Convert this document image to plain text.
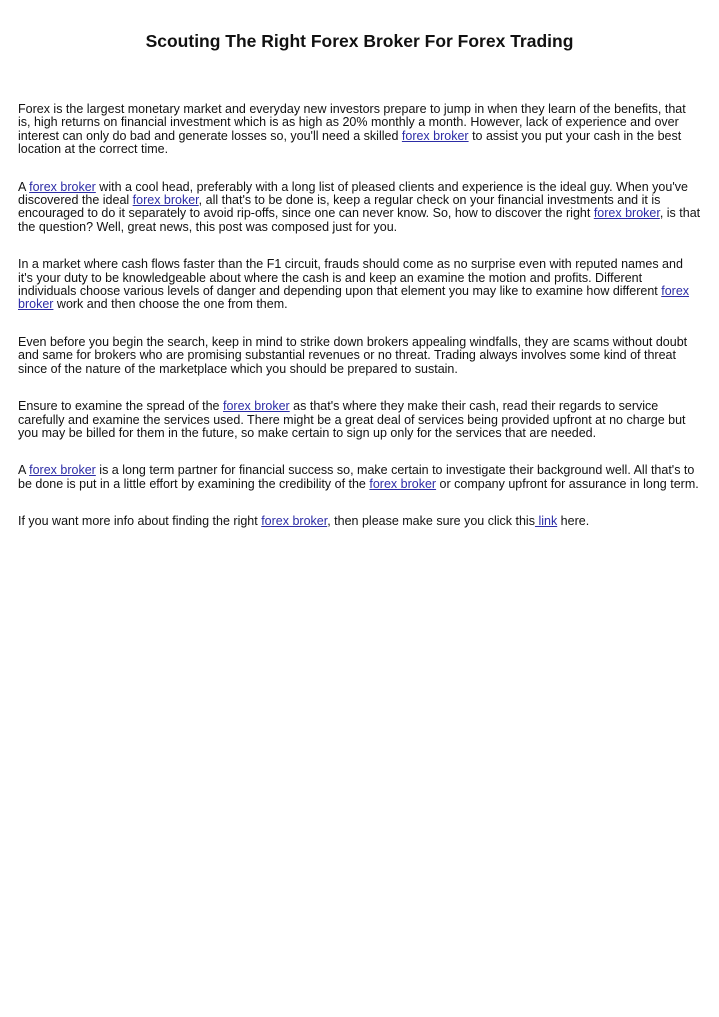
Scouting The Right Forex Broker For Forex Trading

Forex is the largest monetary market and everyday new investors prepare to jump in when they learn of the benefits, that is, high returns on financial investment which is as high as 20% monthly a month. However, lack of experience and over interest can only do bad and generate losses so, you'll need a skilled forex broker to assist you put your cash in the best location at the correct time.

A forex broker with a cool head, preferably with a long list of pleased clients and experience is the ideal guy. When you've discovered the ideal forex broker, all that's to be done is, keep a regular check on your financial investments and it is encouraged to do it separately to avoid rip-offs, since one can never know. So, how to discover the right forex broker, is that the question? Well, great news, this post was composed just for you.

In a market where cash flows faster than the F1 circuit, frauds should come as no surprise even with reputed names and it's your duty to be knowledgeable about where the cash is and keep an examine the motion and profits. Different individuals choose various levels of danger and depending upon that element you may like to examine how different forex broker work and then choose the one from them.

Even before you begin the search, keep in mind to strike down brokers appealing windfalls, they are scams without doubt and same for brokers who are promising substantial revenues or no threat. Trading always involves some kind of threat since of the nature of the marketplace which you should be prepared to sustain.

Ensure to examine the spread of the forex broker as that's where they make their cash, read their regards to service carefully and examine the services used. There might be a great deal of services being provided upfront at no charge but you may be billed for them in the future, so make certain to sign up only for the services that are needed.

A forex broker is a long term partner for financial success so, make certain to investigate their background well. All that's to be done is put in a little effort by examining the credibility of the forex broker or company upfront for assurance in long term.

If you want more info about finding the right forex broker, then please make sure you click this link here.
